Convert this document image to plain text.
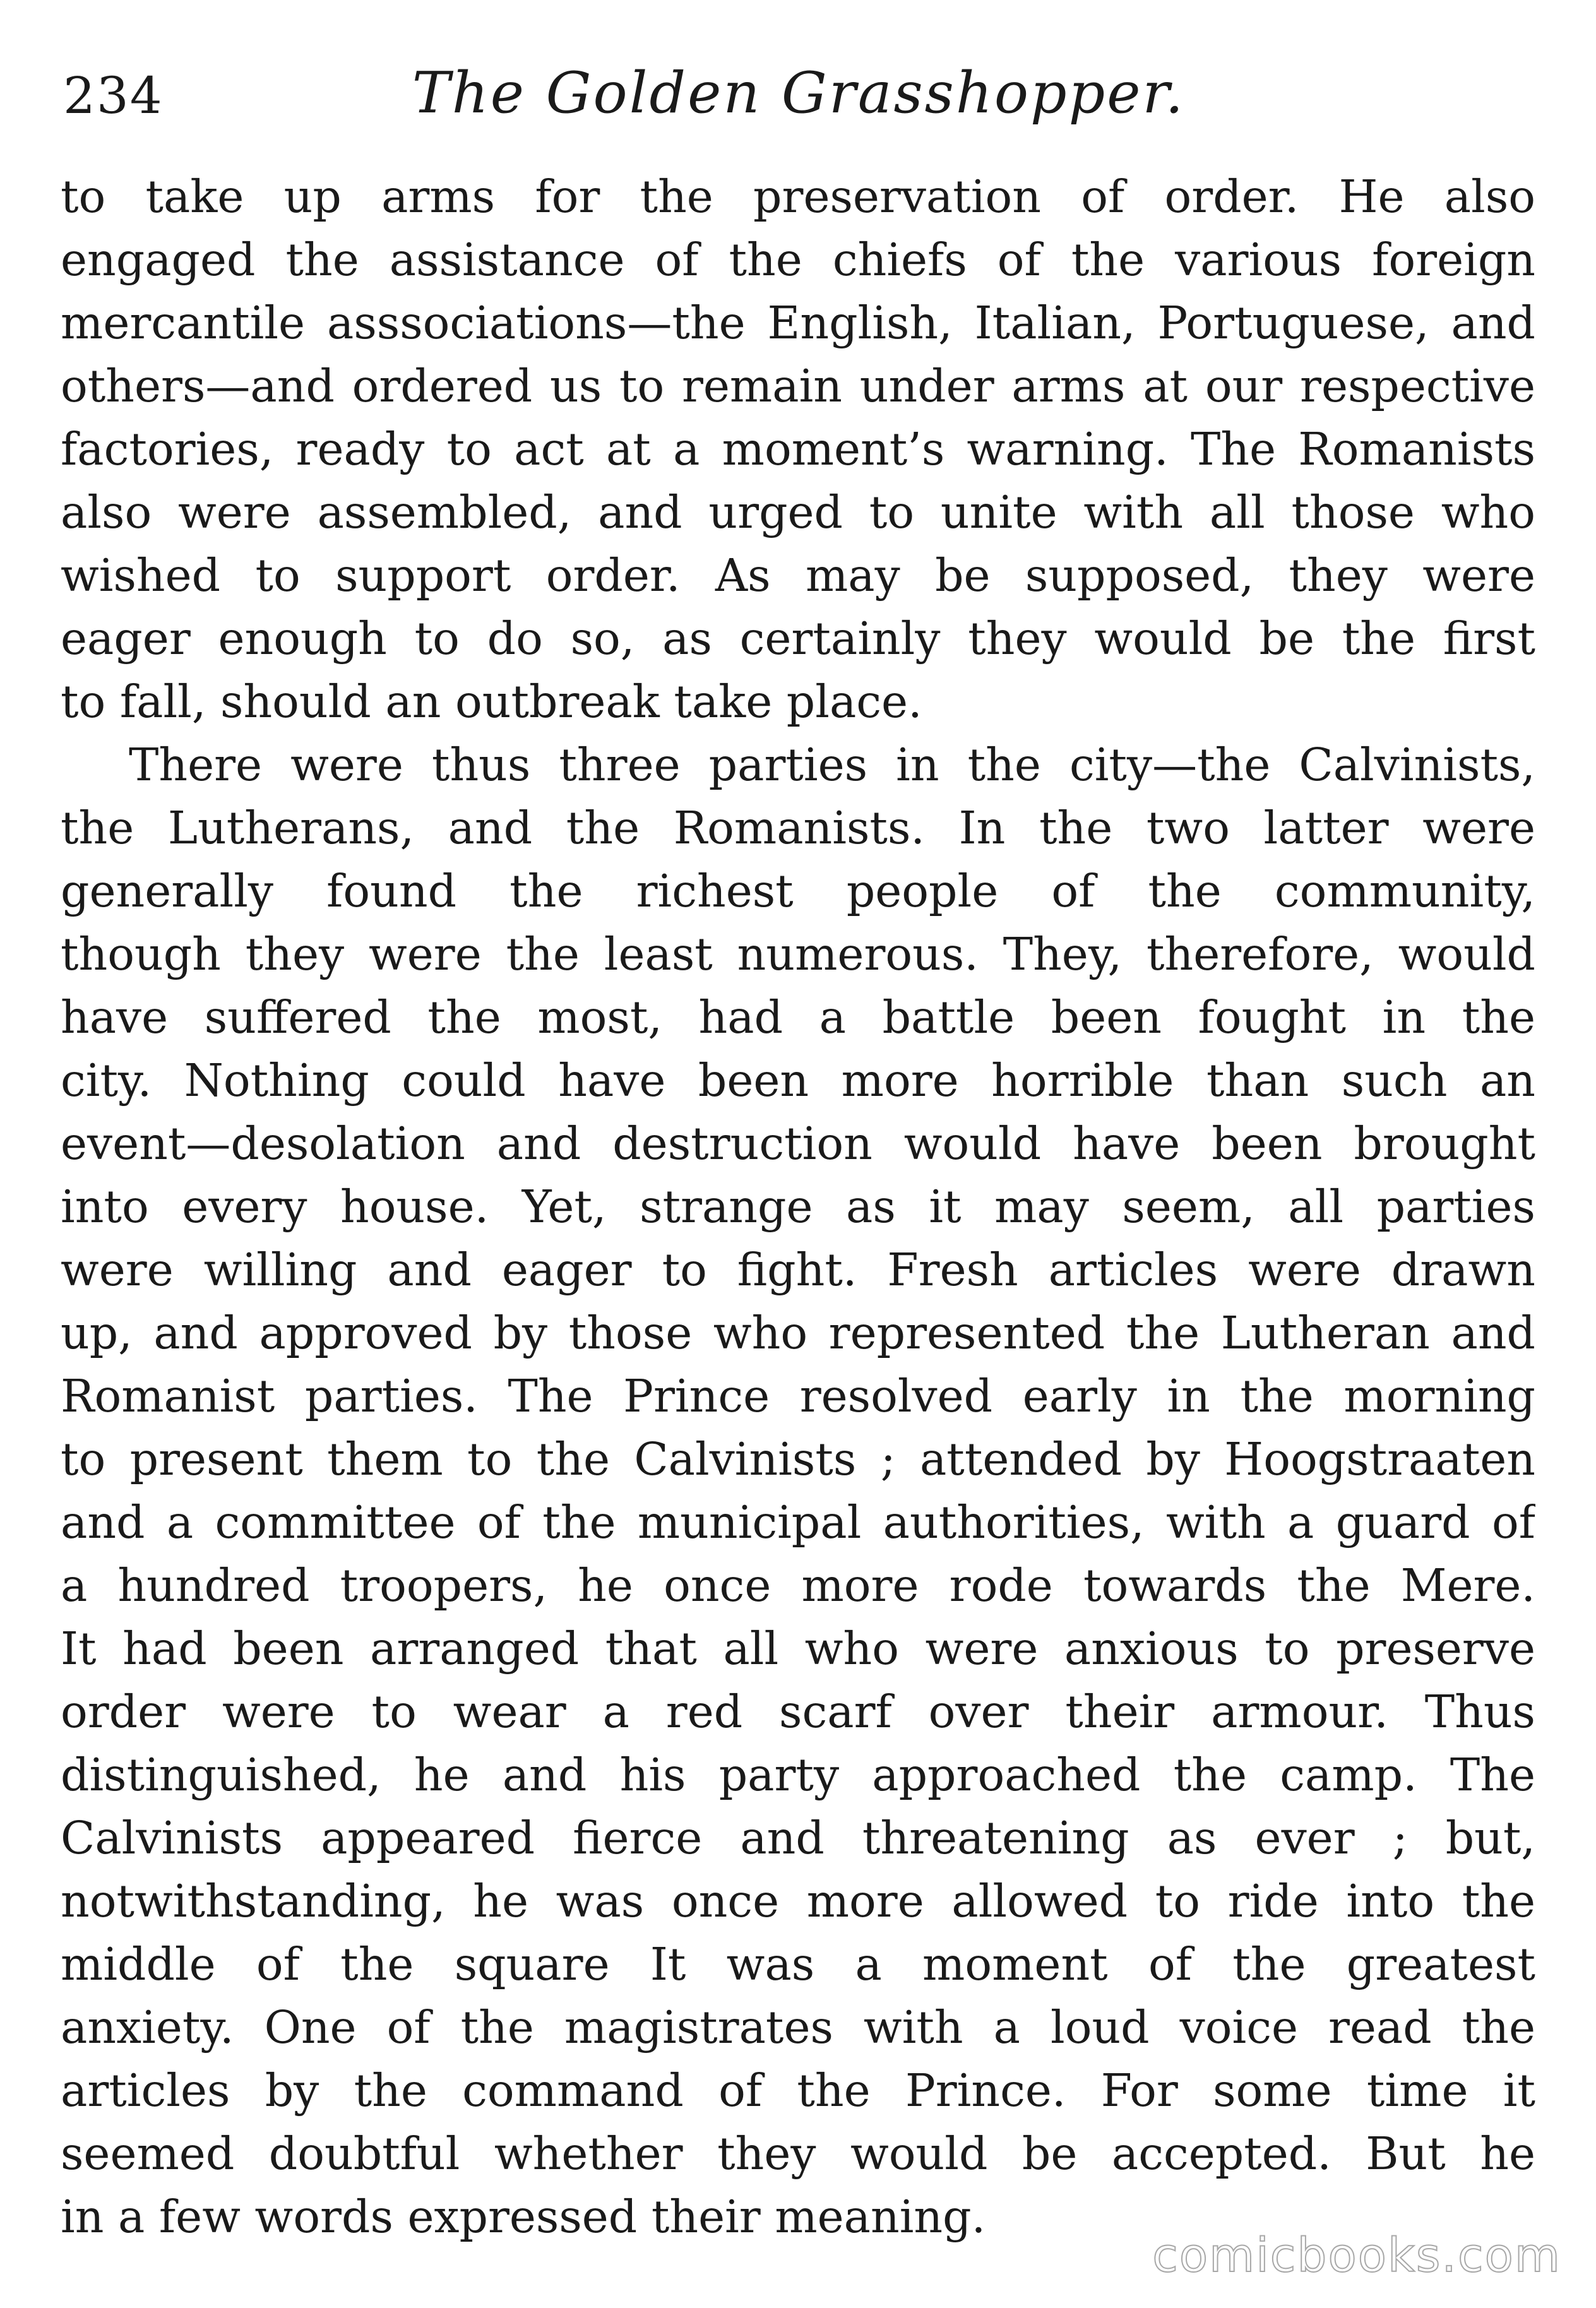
234	The Golden Grasshopper.
to take up arms for the preservation of order. He also
engaged the assistance of the chiefs of the various foreign
mercantile asssociations—the English, Italian, Portuguese, and
others—and ordered us to remain under arms at our respective
factories, ready to act at a moment’s warning. The Romanists
also were assembled, and urged to unite with all those who
wished to support order. As may be supposed, they were
eager enough to do so, as certainly they would be the first
to fall, should an outbreak take place.
There were thus three parties in the city—the Calvinists,
the Lutherans, and the Romanists. In the two latter were
generally found the richest people of the community,
though they were the least numerous. They, therefore, would
have suffered the most, had a battle been fought in the
city. Nothing could have been more horrible than such an
event—desolation and destruction would have been brought
into every house. Yet, strange as it may seem, all parties
were willing and eager to fight. Fresh articles were drawn
up, and approved by those who represented the Lutheran and
Romanist parties. The Prince resolved early in the morning
to present them to the Calvinists ; attended by Hoogstraaten
and a committee of the municipal authorities, with a guard of
a hundred troopers, he once more rode towards the Mere.
It had been arranged that all who were anxious to preserve
order were to wear a red scarf over their armour. Thus
distinguished, he and his party approached the camp. The
Calvinists appeared fierce and threatening as ever ; but,
notwithstanding, he was once more allowed to ride into the
middle of the square It was a moment of the greatest
anxiety. One of the magistrates with a loud voice read the
articles by the command of the Prince. For some time it
seemed doubtful whether they would be accepted. But he
in a few words expressed their meaning.
comicbooks.com
